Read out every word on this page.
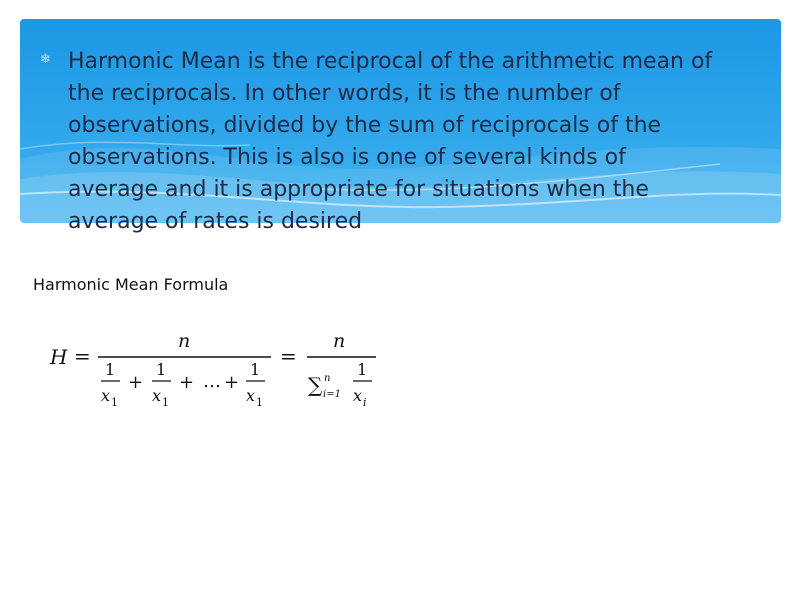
❄ Harmonic Mean is the reciprocal of the arithmetic mean of the reciprocals. In other words, it is the number of observations, divided by the sum of reciprocals of the observations. This is also is one of several kinds of average and it is appropriate for situations when the average of rates is desired

Harmonic Mean Formula
H =
n
1
x 1
+
1
x 1
+ … +
1
x 1
=
n
∑ n
i=1
1
x i
